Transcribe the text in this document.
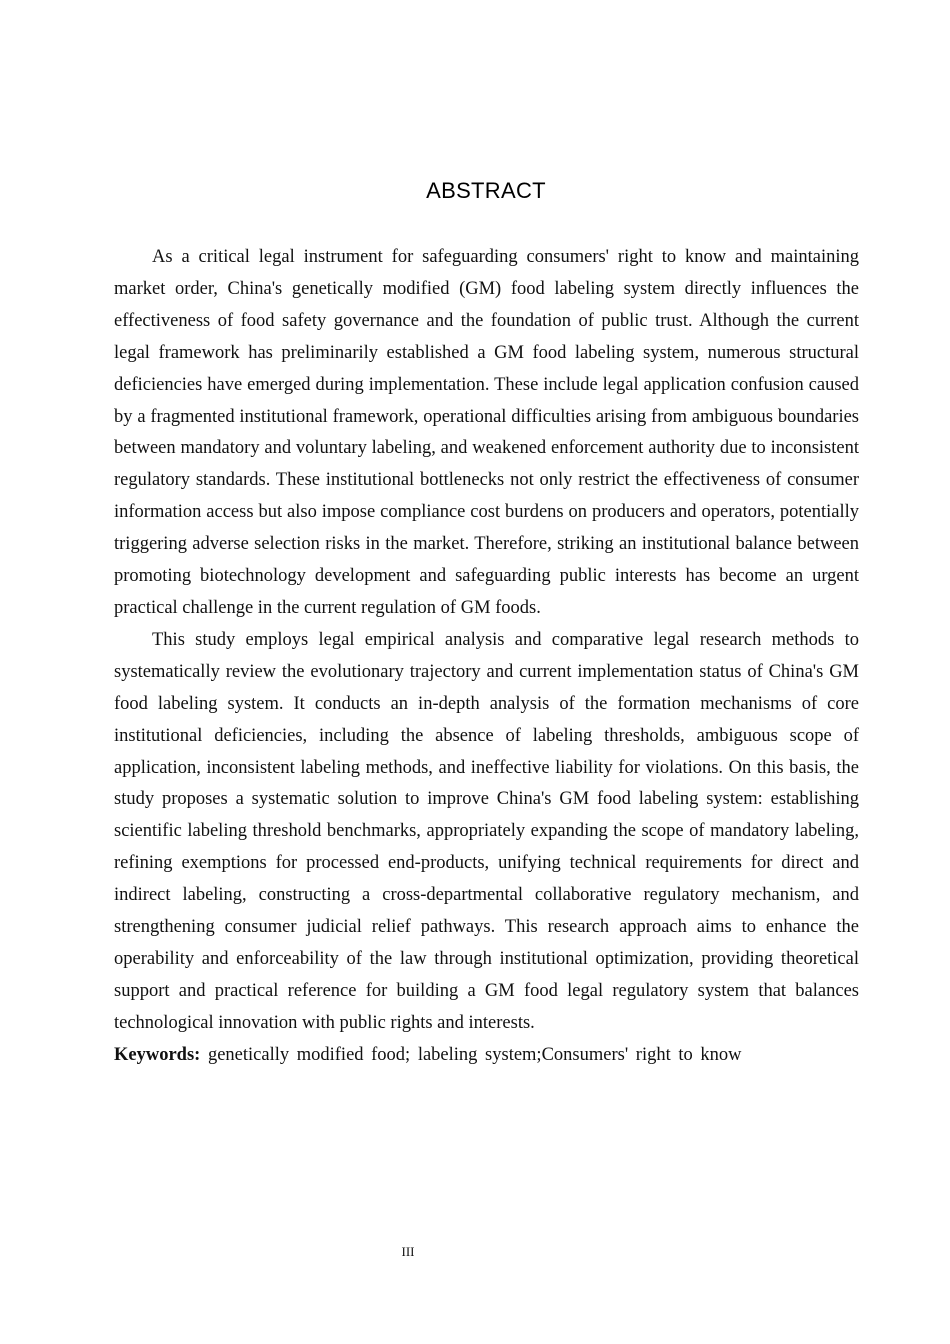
ABSTRACT

As a critical legal instrument for safeguarding consumers' right to know and maintaining market order, China's genetically modified (GM) food labeling system directly influences the effectiveness of food safety governance and the foundation of public trust. Although the current legal framework has preliminarily established a GM food labeling system, numerous structural deficiencies have emerged during implementation. These include legal application confusion caused by a fragmented institutional framework, operational difficulties arising from ambiguous boundaries between mandatory and voluntary labeling, and weakened enforcement authority due to inconsistent regulatory standards. These institutional bottlenecks not only restrict the effectiveness of consumer information access but also impose compliance cost burdens on producers and operators, potentially triggering adverse selection risks in the market. Therefore, striking an institutional balance between promoting biotechnology development and safeguarding public interests has become an urgent practical challenge in the current regulation of GM foods.

This study employs legal empirical analysis and comparative legal research methods to systematically review the evolutionary trajectory and current implementation status of China's GM food labeling system. It conducts an in-depth analysis of the formation mechanisms of core institutional deficiencies, including the absence of labeling thresholds, ambiguous scope of application, inconsistent labeling methods, and ineffective liability for violations. On this basis, the study proposes a systematic solution to improve China's GM food labeling system: establishing scientific labeling threshold benchmarks, appropriately expanding the scope of mandatory labeling, refining exemptions for processed end-products, unifying technical requirements for direct and indirect labeling, constructing a cross-departmental collaborative regulatory mechanism, and strengthening consumer judicial relief pathways. This research approach aims to enhance the operability and enforceability of the law through institutional optimization, providing theoretical support and practical reference for building a GM food legal regulatory system that balances technological innovation with public rights and interests.

Keywords: genetically modified food; labeling system;Consumers' right to know

III
